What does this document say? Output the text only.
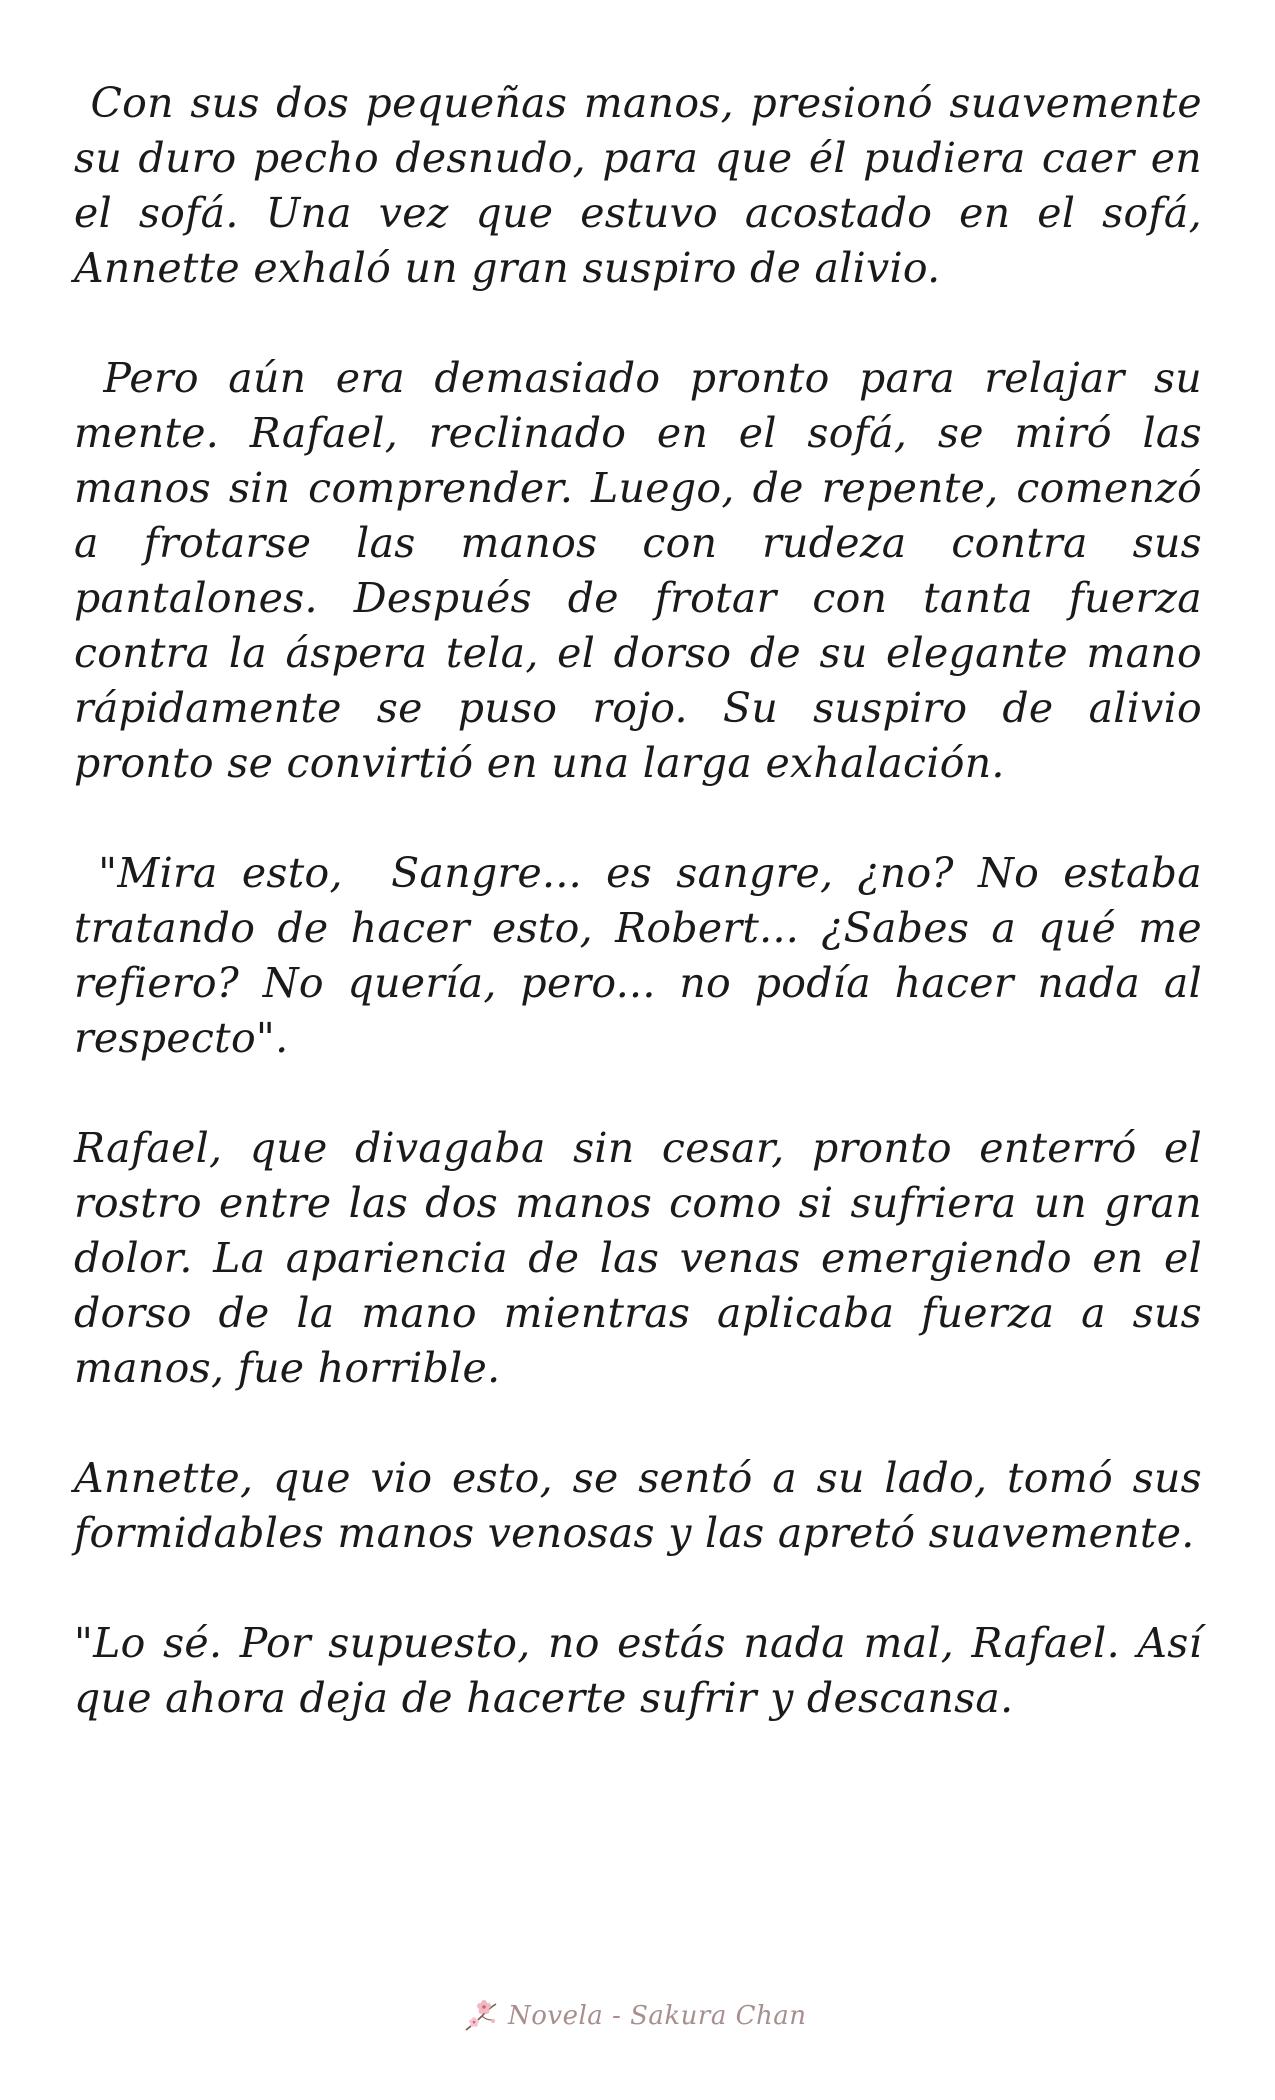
Con sus dos pequeñas manos, presionó suavemente su duro pecho desnudo, para que él pudiera caer en el sofá. Una vez que estuvo acostado en el sofá, Annette exhaló un gran suspiro de alivio.

Pero aún era demasiado pronto para relajar su mente. Rafael, reclinado en el sofá, se miró las manos sin comprender. Luego, de repente, comenzó a frotarse las manos con rudeza contra sus pantalones. Después de frotar con tanta fuerza contra la áspera tela, el dorso de su elegante mano rápidamente se puso rojo. Su suspiro de alivio pronto se convirtió en una larga exhalación.

"Mira esto,  Sangre... es sangre, ¿no? No estaba tratando de hacer esto, Robert... ¿Sabes a qué me refiero? No quería, pero... no podía hacer nada al respecto".

Rafael, que divagaba sin cesar, pronto enterró el rostro entre las dos manos como si sufriera un gran dolor. La apariencia de las venas emergiendo en el dorso de la mano mientras aplicaba fuerza a sus manos, fue horrible.

Annette, que vio esto, se sentó a su lado, tomó sus formidables manos venosas y las apretó suavemente.

"Lo sé. Por supuesto, no estás nada mal, Rafael. Así que ahora deja de hacerte sufrir y descansa.

Novela - Sakura Chan
